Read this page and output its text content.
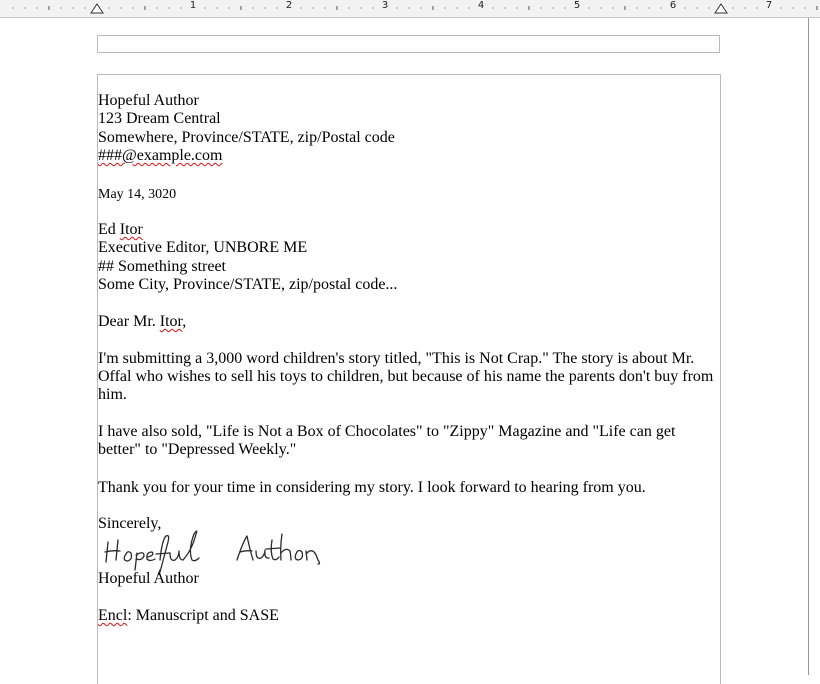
1	2	3	4	5	6	7
Hopeful Author
123 Dream Central
Somewhere, Province/STATE, zip/Postal code
###@example.com
May 14, 3020
Ed Itor
Executive Editor, UNBORE ME
## Something street
Some City, Province/STATE, zip/postal code...
Dear Mr. Itor,
I'm submitting a 3,000 word children's story titled, "This is Not Crap." The story is about Mr. Offal who wishes to sell his toys to children, but because of his name the parents don't buy from him.
I have also sold, "Life is Not a Box of Chocolates" to "Zippy" Magazine and "Life can get better" to "Depressed Weekly."
Thank you for your time in considering my story. I look forward to hearing from you.
Sincerely,
Hopeful Author
Encl: Manuscript and SASE
